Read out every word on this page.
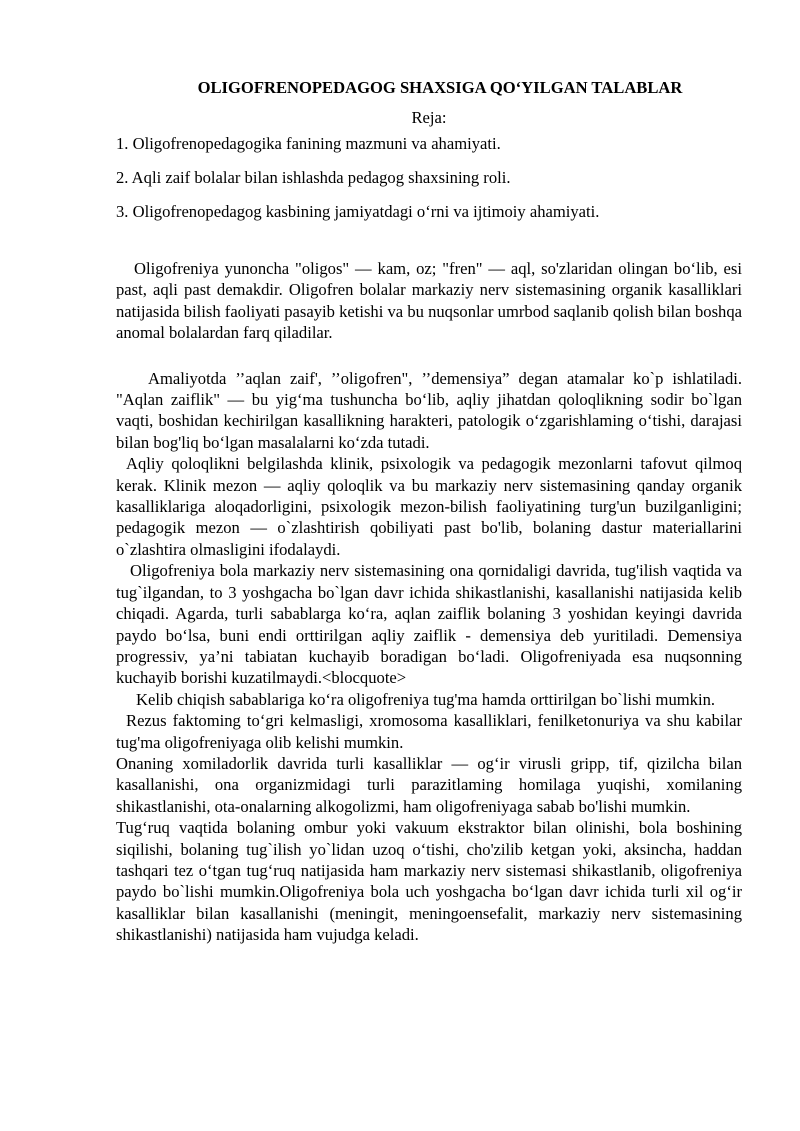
OLIGOFRENOPEDAGOG SHAXSIGA QO‘YILGAN TALABLAR
Reja:
1. Oligofrenopedagogika fanining mazmuni va ahamiyati.
2. Aqli zaif bolalar bilan ishlashda pedagog shaxsining roli.
3. Oligofrenopedagog kasbining jamiyatdagi o‘rni va ijtimoiy ahamiyati.

Oligofreniya yunoncha "oligos" — kam, oz; "fren" — aql, so'zlaridan olingan bo‘lib, esi past, aqli past demakdir. Oligofren bolalar markaziy nerv sistemasining organik kasalliklari natijasida bilish faoliyati pasayib ketishi va bu nuqsonlar umrbod saqlanib qolish bilan boshqa anomal bolalardan farq qiladilar.

Amaliyotda ’’aqlan zaif', ’’oligofren", ’’demensiya” degan atamalar ko`p ishlatiladi. "Aqlan zaiflik" — bu yig‘ma tushuncha bo‘lib, aqliy jihatdan qoloqlikning sodir bo`lgan vaqti, boshidan kechirilgan kasallikning harakteri, patologik o‘zgarishlaming o‘tishi, darajasi bilan bog'liq bo‘lgan masalalarni ko‘zda tutadi.

Aqliy qoloqlikni belgilashda klinik, psixologik va pedagogik mezonlarni tafovut qilmoq kerak. Klinik mezon — aqliy qoloqlik va bu markaziy nerv sistemasining qanday organik kasalliklariga aloqadorligini, psixologik mezon-bilish faoliyatining turg'un buzilganligini; pedagogik mezon — o`zlashtirish qobiliyati past bo'lib, bolaning dastur materiallarini o`zlashtira olmasligini ifodalaydi.

Oligofreniya bola markaziy nerv sistemasining ona qornidaligi davrida, tug'ilish vaqtida va tug`ilgandan, to 3 yoshgacha bo`lgan davr ichida shikastlanishi, kasallanishi natijasida kelib chiqadi. Agarda, turli sabablarga ko‘ra, aqlan zaiflik bolaning 3 yoshidan keyingi davrida paydo bo‘lsa, buni endi orttirilgan aqliy zaiflik - demensiya deb yuritiladi. Demensiya progressiv, ya’ni tabiatan kuchayib boradigan bo‘ladi. Oligofreniyada esa nuqsonning kuchayib borishi kuzatilmaydi.<blocquote>

Kelib chiqish sabablariga ko‘ra oligofreniya tug'ma hamda orttirilgan bo`lishi mumkin.

Rezus faktoming to‘gri kelmasligi, xromosoma kasalliklari, fenilketonuriya va shu kabilar tug'ma oligofreniyaga olib kelishi mumkin.

Onaning xomiladorlik davrida turli kasalliklar — og‘ir virusli gripp, tif, qizilcha bilan kasallanishi, ona organizmidagi turli parazitlaming homilaga yuqishi, xomilaning shikastlanishi, ota-onalarning alkogolizmi, ham oligofreniyaga sabab bo'lishi mumkin.

Tug‘ruq vaqtida bolaning ombur yoki vakuum ekstraktor bilan olinishi, bola boshining siqilishi, bolaning tug`ilish yo`lidan uzoq o‘tishi, cho'zilib ketgan yoki, aksincha, haddan tashqari tez o‘tgan tug‘ruq natijasida ham markaziy nerv sistemasi shikastlanib, oligofreniya paydo bo`lishi mumkin.Oligofreniya bola uch yoshgacha bo‘lgan davr ichida turli xil og‘ir kasalliklar bilan kasallanishi (meningit, meningoensefalit, markaziy nerv sistemasining shikastlanishi) natijasida ham vujudga keladi.
